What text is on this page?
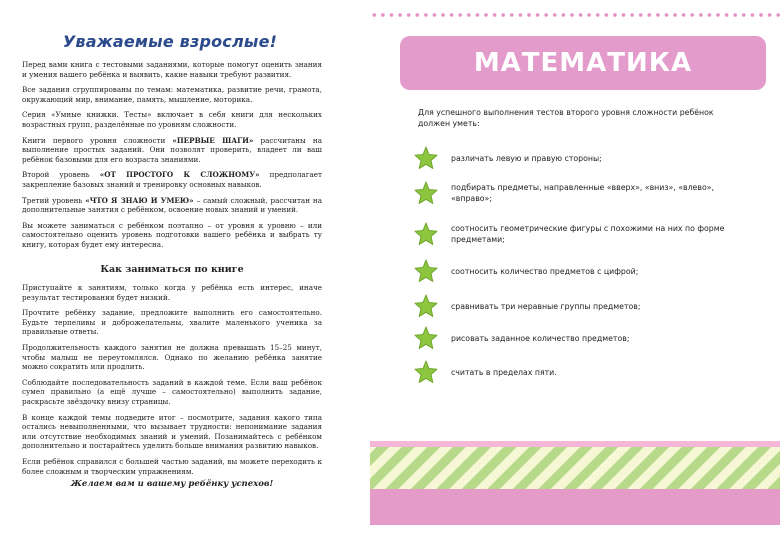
Уважаемые взрослые!

Перед вами книга с тестовыми заданиями, которые помогут оценить знания и умения вашего ребёнка и выявить, какие навыки требуют развития.

Все задания сгруппированы по темам: математика, развитие речи, грамота, окружающий мир, внимание, память, мышление, моторика.

Серия «Умные книжки. Тесты» включает в себя книги для нескольких возрастных групп, разделённые по уровням сложности.

Книги первого уровня сложности «ПЕРВЫЕ ШАГИ» рассчитаны на выполнение простых заданий. Они позволят проверить, владеет ли ваш ребёнок базовыми для его возраста знаниями.

Второй уровень «ОТ ПРОСТОГО К СЛОЖНОМУ» предполагает закрепление базовых знаний и тренировку основных навыков.

Третий уровень «ЧТО Я ЗНАЮ И УМЕЮ» – самый сложный, рассчитан на дополнительные занятия с ребёнком, освоение новых знаний и умений.

Вы можете заниматься с ребёнком поэтапно – от уровня к уровню – или самостоятельно оценить уровень подготовки вашего ребёнка и выбрать ту книгу, которая будет ему интересна.

Как заниматься по книге

Приступайте к занятиям, только когда у ребёнка есть интерес, иначе результат тестирования будет низкий.

Прочтите ребёнку задание, предложите выполнить его самостоятельно. Будьте терпеливы и доброжелательны, хвалите маленького ученика за правильные ответы.

Продолжительность каждого занятия не должна превышать 15–25 минут, чтобы малыш не переутомлялся. Однако по желанию ребёнка занятие можно сократить или продлить.

Соблюдайте последовательность заданий в каждой теме. Если ваш ребёнок сумел правильно (а ещё лучше – самостоятельно) выполнить задание, раскрасьте звёздочку внизу страницы.

В конце каждой темы подведите итог – посмотрите, задания какого типа остались невыполненными, что вызывает трудности: непонимание задания или отсутствие необходимых знаний и умений. Позанимайтесь с ребёнком дополнительно и постарайтесь уделить больше внимания развитию навыков.

Если ребёнок справился с большей частью заданий, вы можете переходить к более сложным и творческим упражнениям.

Желаем вам и вашему ребёнку успехов!
МАТЕМАТИКА
Для успешного выполнения тестов второго уровня сложности ребёнок должен уметь:
различать левую и правую стороны;
подбирать предметы, направленные «вверх», «вниз», «влево», «вправо»;
соотносить геометрические фигуры с похожими на них по форме предметами;
соотносить количество предметов с цифрой;
сравнивать три неравные группы предметов;
рисовать заданное количество предметов;
считать в пределах пяти.
